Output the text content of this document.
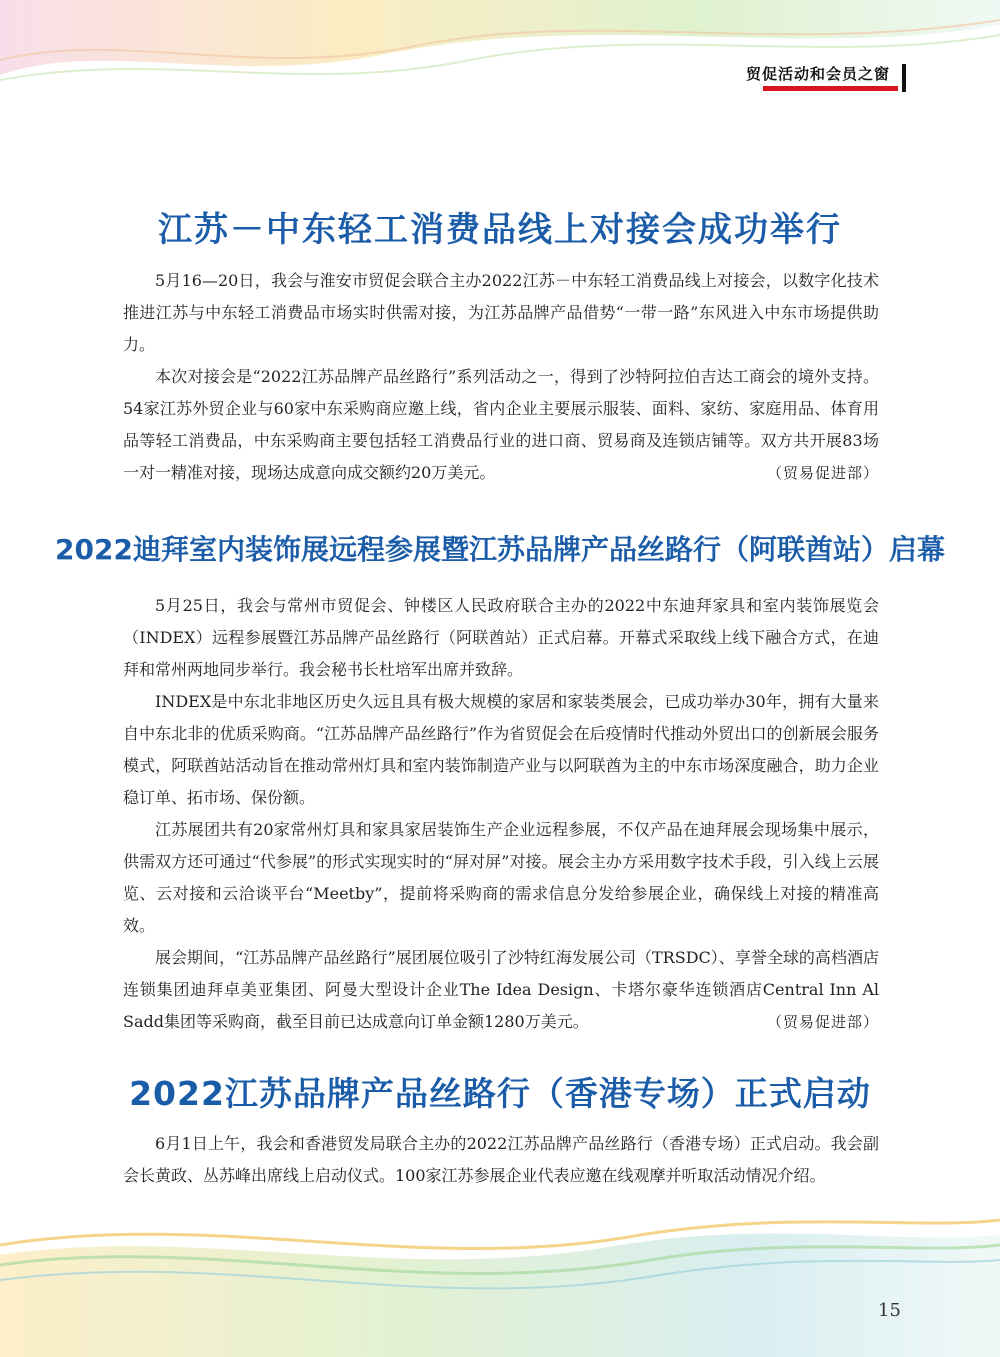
贸促活动和会员之窗
江苏－中东轻工消费品线上对接会成功举行

5月16—20日，我会与淮安市贸促会联合主办2022江苏－中东轻工消费品线上对接会，以数字化技术推进江苏与中东轻工消费品市场实时供需对接，为江苏品牌产品借势“一带一路”东风进入中东市场提供助力。

本次对接会是“2022江苏品牌产品丝路行”系列活动之一，得到了沙特阿拉伯吉达工商会的境外支持。54家江苏外贸企业与60家中东采购商应邀上线，省内企业主要展示服装、面料、家纺、家庭用品、体育用品等轻工消费品，中东采购商主要包括轻工消费品行业的进口商、贸易商及连锁店铺等。双方共开展83场一对一精准对接，现场达成意向成交额约20万美元。	（贸易促进部）

2022迪拜室内装饰展远程参展暨江苏品牌产品丝路行（阿联酋站）启幕

5月25日，我会与常州市贸促会、钟楼区人民政府联合主办的2022中东迪拜家具和室内装饰展览会（INDEX）远程参展暨江苏品牌产品丝路行（阿联酋站）正式启幕。开幕式采取线上线下融合方式，在迪拜和常州两地同步举行。我会秘书长杜培军出席并致辞。

INDEX是中东北非地区历史久远且具有极大规模的家居和家装类展会，已成功举办30年，拥有大量来自中东北非的优质采购商。“江苏品牌产品丝路行”作为省贸促会在后疫情时代推动外贸出口的创新展会服务模式，阿联酋站活动旨在推动常州灯具和室内装饰制造产业与以阿联酋为主的中东市场深度融合，助力企业稳订单、拓市场、保份额。

江苏展团共有20家常州灯具和家具家居装饰生产企业远程参展，不仅产品在迪拜展会现场集中展示，供需双方还可通过“代参展”的形式实现实时的“屏对屏”对接。展会主办方采用数字技术手段，引入线上云展览、云对接和云洽谈平台“Meetby”，提前将采购商的需求信息分发给参展企业，确保线上对接的精准高效。

展会期间，“江苏品牌产品丝路行”展团展位吸引了沙特红海发展公司（TRSDC）、享誉全球的高档酒店连锁集团迪拜卓美亚集团、阿曼大型设计企业The Idea Design、卡塔尔豪华连锁酒店Central Inn Al Sadd集团等采购商，截至目前已达成意向订单金额1280万美元。	（贸易促进部）

2022江苏品牌产品丝路行（香港专场）正式启动

6月1日上午，我会和香港贸发局联合主办的2022江苏品牌产品丝路行（香港专场）正式启动。我会副会长黄政、丛苏峰出席线上启动仪式。100家江苏参展企业代表应邀在线观摩并听取活动情况介绍。

15
